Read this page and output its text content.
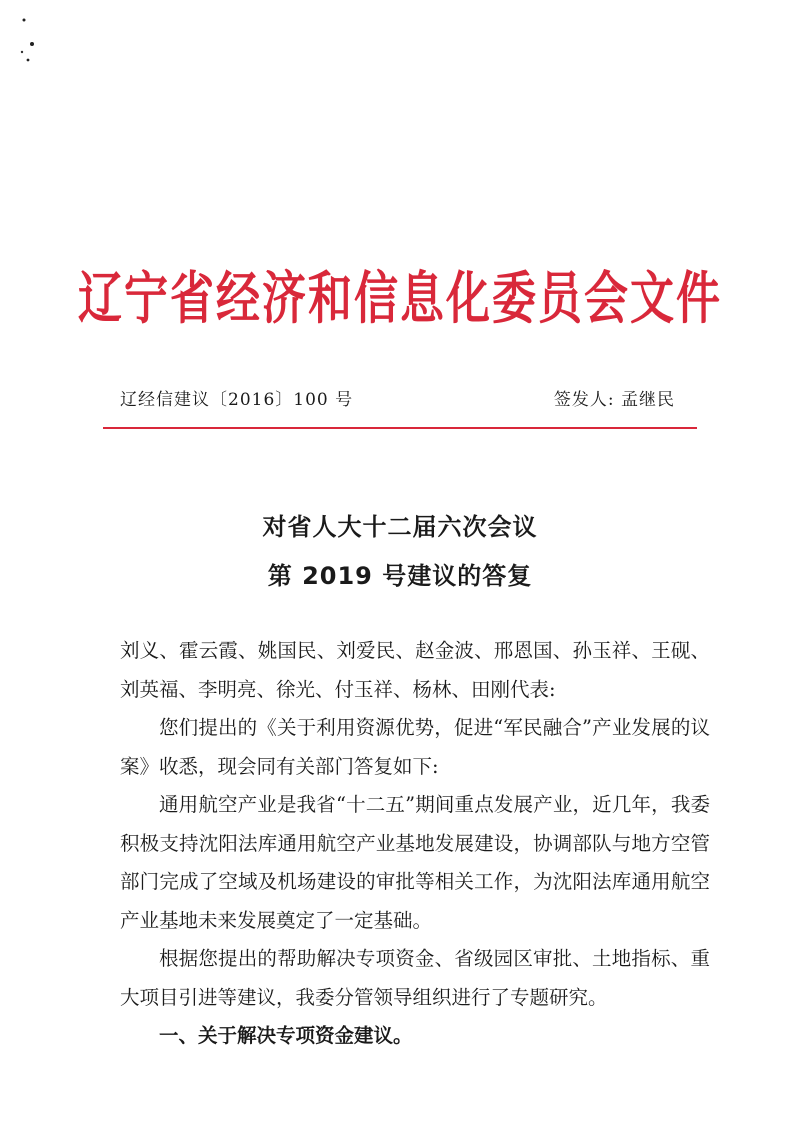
辽宁省经济和信息化委员会文件
辽经信建议〔2016〕100 号	签发人: 孟继民
对省人大十二届六次会议
第 2019 号建议的答复

刘义、霍云霞、姚国民、刘爱民、赵金波、邢恩国、孙玉祥、王砚、刘英福、李明亮、徐光、付玉祥、杨林、田刚代表:

您们提出的《关于利用资源优势，促进“军民融合”产业发展的议案》收悉，现会同有关部门答复如下:

通用航空产业是我省“十二五”期间重点发展产业，近几年，我委积极支持沈阳法库通用航空产业基地发展建设，协调部队与地方空管部门完成了空域及机场建设的审批等相关工作，为沈阳法库通用航空产业基地未来发展奠定了一定基础。

根据您提出的帮助解决专项资金、省级园区审批、土地指标、重大项目引进等建议，我委分管领导组织进行了专题研究。

一、关于解决专项资金建议。
